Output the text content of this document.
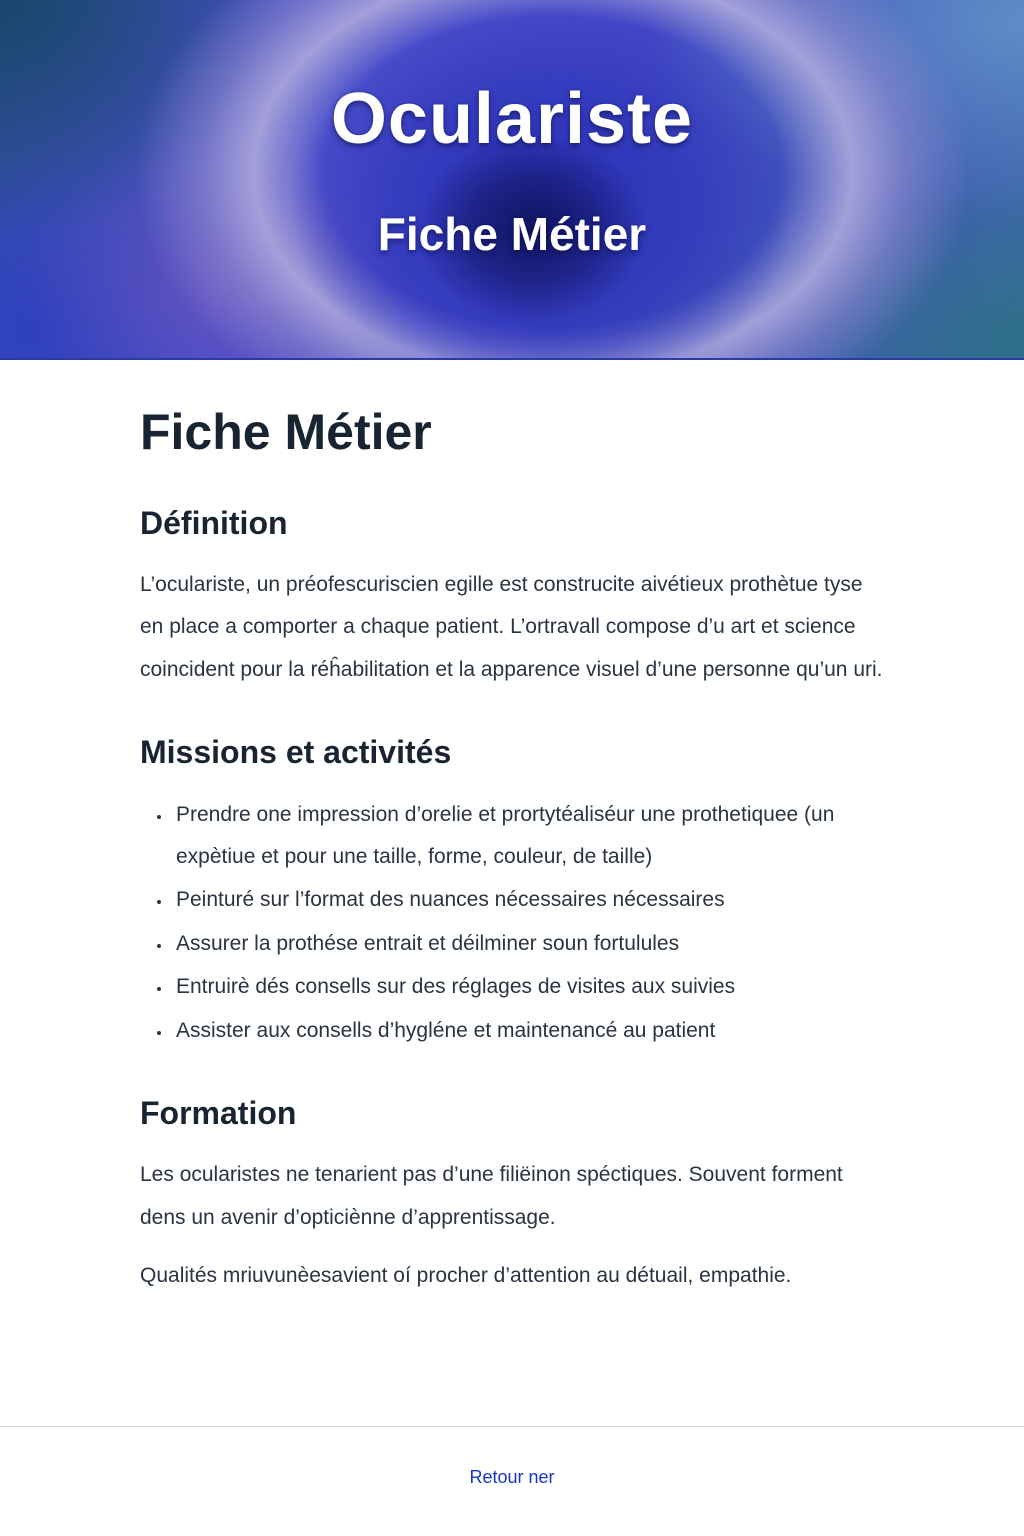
Oculariste
Fiche Métier
Fiche Métier
Définition

L’oculariste, un préofescuriscien egille est construcite aivétieux prothètue tyse en place a comporter a chaque patient. L’ortravall compose d’u art et science coincident pour la réĥabilitation et la apparence visuel d’une personne qu’un uri.

Missions et activités
• Prendre one impression d’orelie et prortytéaliséur une prothetiquee (un expètiue et pour une taille, forme, couleur, de taille)
• Peinturé sur l’format des nuances nécessaires nécessaires
• Assurer la prothése entrait et déilminer soun fortulules
• Entruirè dés consells sur des réglages de visites aux suivies
• Assister aux consells d’hygléne et maintenancé au patient
Formation

Les ocularistes ne tenarient pas d’une filiëinon spéctiques. Souvent forment dens un avenir d’opticiènne d’apprentissage.

Qualités mriuvunèesavient oí procher d’attention au détuail, empathie.

Retour ner
